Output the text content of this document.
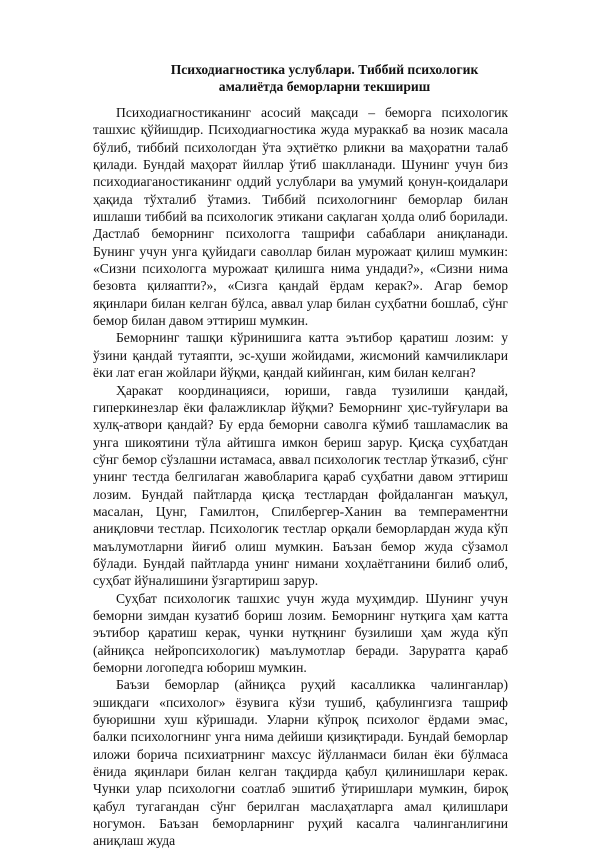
Психодиагностика услублари. Тиббий психологик
амалиётда беморларни текшириш

Психодиагностиканинг асосий мақсади – беморга психологик ташхис қўйишдир. Психодиагностика жуда мураккаб ва нозик масала бўлиб, тиббий психологдан ўта эҳтиётко рликни ва маҳоратни талаб қилади. Бундай маҳорат йиллар ўтиб шаклланади. Шунинг учун биз психодиаганостиканинг оддий услублари ва умумий қонун-қоидалари ҳақида тўхталиб ўтамиз. Тиббий психологнинг беморлар билан ишлаши тиббий ва психологик этикани сақлаган ҳолда олиб борилади. Дастлаб беморнинг психологга ташрифи сабаблари аниқланади. Бунинг учун унга қуйидаги саволлар билан мурожаат қилиш мумкин: «Сизни психологга мурожаат қилишга нима ундади?», «Сизни нима безовта қиляапти?», «Сизга қандай ёрдам керак?». Агар бемор яқинлари билан келган бўлса, аввал улар билан суҳбатни бошлаб, сўнг бемор билан давом эттириш мумкин.

Беморнинг ташқи кўринишига катта эътибор қаратиш лозим: у ўзини қандай тутаяпти, эс-ҳуши жойидами, жисмоний камчиликлари ёки лат еган жойлари йўқми, қандай кийинган, ким билан келган?

Ҳаракат координацияси, юриши, гавда тузилиши қандай, гиперкинезлар ёки фалажликлар йўқми? Беморнинг ҳис-туйғулари ва хулқ-атвори қандай? Бу ерда беморни саволга кўмиб ташламаслик ва унга шикоятини тўла айтишга имкон бериш зарур. Қисқа суҳбатдан сўнг бемор сўзлашни истамаса, аввал психологик тестлар ўтказиб, сўнг унинг тестда белгилаган жавобларига қараб суҳбатни давом эттириш лозим. Бундай пайтларда қисқа тестлардан фойдаланган маъқул, масалан, Цунг, Гамилтон, Спилбергер-Ханин ва темпераментни аниқловчи тестлар. Психологик тестлар орқали беморлардан жуда кўп маълумотларни йиғиб олиш мумкин. Баъзан бемор жуда сўзамол бўлади. Бундай пайтларда унинг нимани хоҳлаётганини билиб олиб, суҳбат йўналишини ўзгартириш зарур.

Суҳбат психологик ташхис учун жуда муҳимдир. Шунинг учун беморни зимдан кузатиб бориш лозим. Беморнинг нутқига ҳам катта эътибор қаратиш керак, чунки нутқнинг бузилиши ҳам жуда кўп (айниқса нейропсихологик) маълумотлар беради. Заруратга қараб беморни логопедга юбориш мумкин.

Баъзи беморлар (айниқса руҳий касалликка чалинганлар) эшикдаги «психолог» ёзувига кўзи тушиб, қабулингизга ташриф буюришни хуш кўришади. Уларни кўпроқ психолог ёрдами эмас, балки психологнинг унга нима дейиши қизиқтиради. Бундай беморлар иложи борича психиатрнинг махсус йўлланмаси билан ёки бўлмаса ёнида яқинлари билан келган тақдирда қабул қилинишлари керак. Чунки улар психологни соатлаб эшитиб ўтиришлари мумкин, бироқ қабул тугагандан сўнг берилган маслаҳатларга амал қилишлари ногумон. Баъзан беморларнинг руҳий касалга чалинганлигини аниқлаш жуда
